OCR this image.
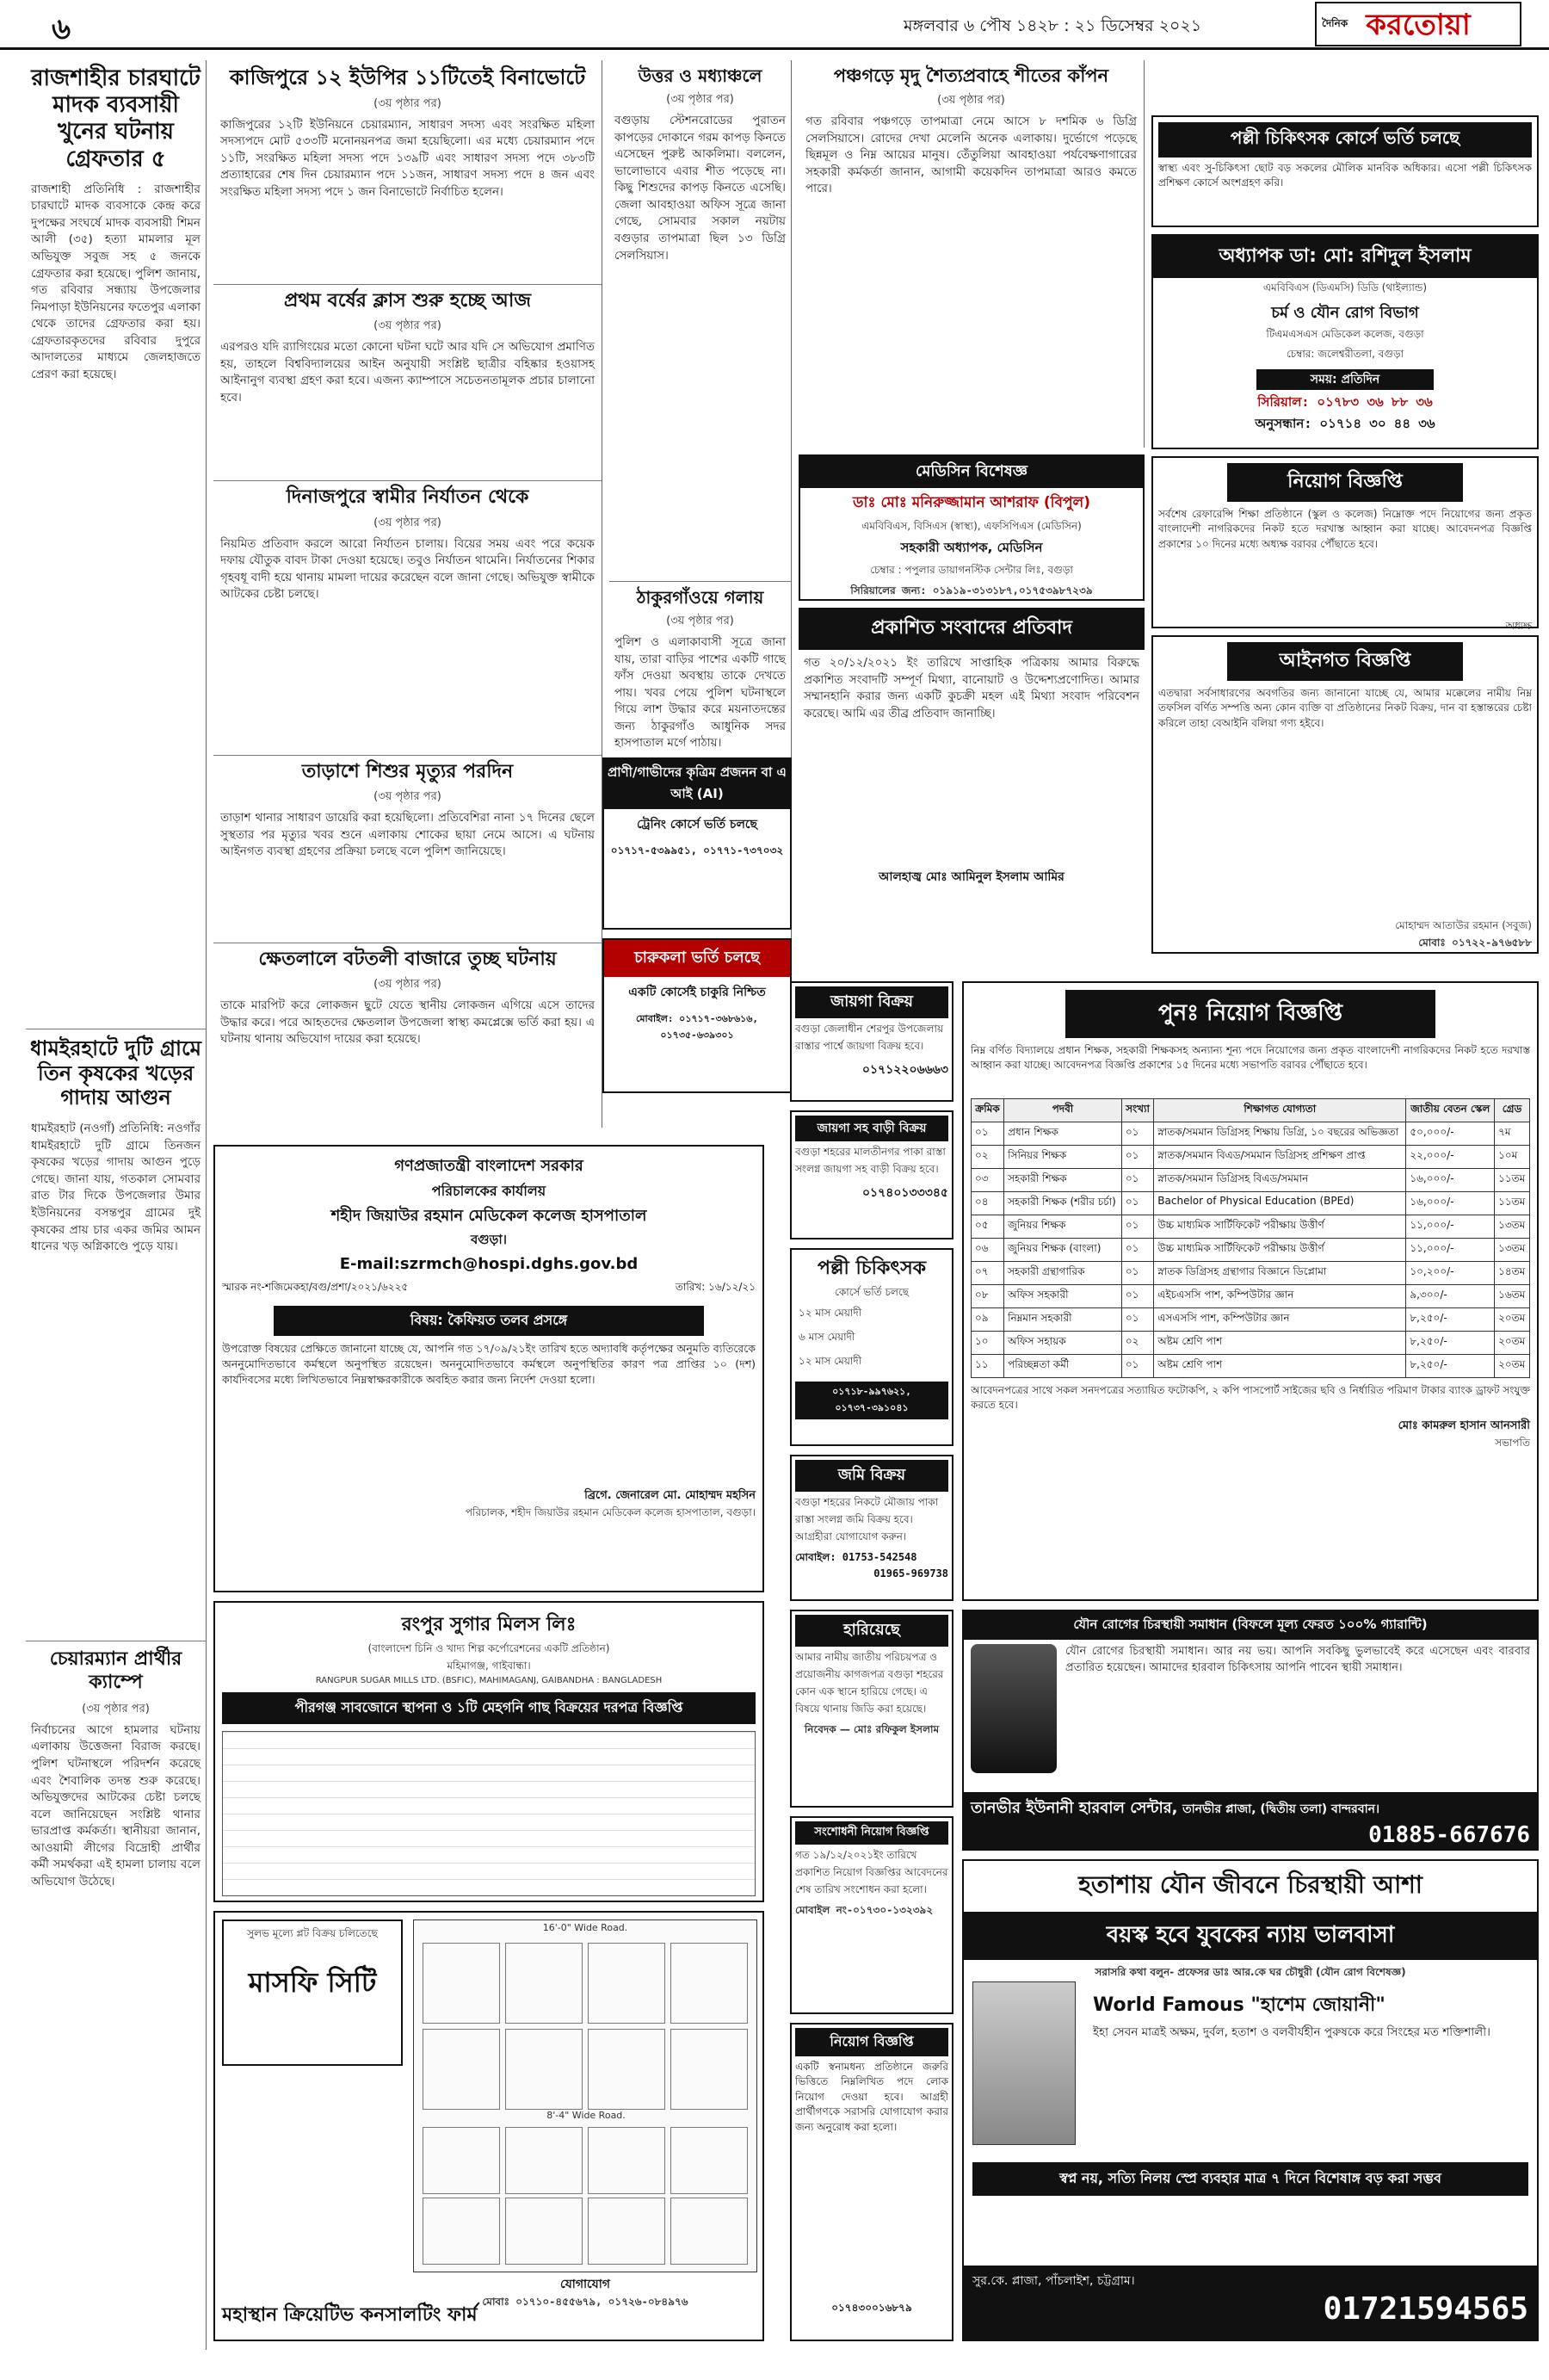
৬	মঙ্গলবার ৬ পৌষ ১৪২৮ : ২১ ডিসেম্বর ২০২১	দৈনিক করতোয়া
রাজশাহীর চারঘাটে মাদক ব্যবসায়ী খুনের ঘটনায় গ্রেফতার ৫
রাজশাহী প্রতিনিধি : রাজশাহীর চারঘাটে মাদক ব্যবসাকে কেন্দ্র করে দুপক্ষের সংঘর্ষে মাদক ব্যবসায়ী শিমন আলী (৩৫) হত্যা মামলার মূল অভিযুক্ত সবুজ সহ ৫ জনকে গ্রেফতার করা হয়েছে। পুলিশ জানায়, গত রবিবার সন্ধ্যায় উপজেলার নিমপাড়া ইউনিয়নের ফতেপুর এলাকা থেকে তাদের গ্রেফতার করা হয়। গ্রেফতারকৃতদের রবিবার দুপুরে আদালতের মাধ্যমে জেলহাজতে প্রেরণ করা হয়েছে।
ধামইরহাটে দুটি গ্রামে তিন কৃষকের খড়ের গাদায় আগুন
ধামইরহাট (নওগাঁ) প্রতিনিধি: নওগাঁর ধামইরহাটে দুটি গ্রামে তিনজন কৃষকের খড়ের গাদায় আগুন পুড়ে গেছে। জানা যায়, গতকাল সোমবার রাত টার দিকে উপজেলার উমার ইউনিয়নের বসন্তপুর গ্রামের দুই কৃষকের প্রায় চার একর জমির আমন ধানের খড় অগ্নিকাণ্ডে পুড়ে যায়।
চেয়ারম্যান প্রার্থীর ক্যাম্পে
(৩য় পৃষ্ঠার পর)
নির্বাচনের আগে হামলার ঘটনায় এলাকায় উত্তেজনা বিরাজ করছে। পুলিশ ঘটনাস্থলে পরিদর্শন করেছে এবং শৈবালিক তদন্ত শুরু করেছে। অভিযুক্তদের আটকের চেষ্টা চলছে বলে জানিয়েছেন সংশ্লিষ্ট থানার ভারপ্রাপ্ত কর্মকর্তা। স্থানীয়রা জানান, আওয়ামী লীগের বিদ্রোহী প্রার্থীর কর্মী সমর্থকরা এই হামলা চালায় বলে অভিযোগ উঠেছে।
কাজিপুরে ১২ ইউপির ১১টিতেই বিনাভোটে
(৩য় পৃষ্ঠার পর)
কাজিপুরের ১২টি ইউনিয়নে চেয়ারম্যান, সাধারণ সদস্য এবং সংরক্ষিত মহিলা সদস্যপদে মোট ৫৩৩টি মনোনয়নপত্র জমা হয়েছিলো। এর মধ্যে চেয়ারম্যান পদে ১১টি, সংরক্ষিত মহিলা সদস্য পদে ১৩৯টি এবং সাধারণ সদস্য পদে ৩৮৩টি প্রত্যাহারের শেষ দিন চেয়ারম্যান পদে ১১জন, সাধারণ সদস্য পদে ৪ জন এবং সংরক্ষিত মহিলা সদস্য পদে ১ জন বিনাভোটে নির্বাচিত হলেন।
প্রথম বর্ষের ক্লাস শুরু হচ্ছে আজ
(৩য় পৃষ্ঠার পর)
এরপরও যদি র‍্যাগিংয়ের মতো কোনো ঘটনা ঘটে আর যদি সে অভিযোগ প্রমাণিত হয়, তাহলে বিশ্ববিদ্যালয়ের আইন অনুযায়ী সংশ্লিষ্ট ছাত্রীর বহিষ্কার হওয়াসহ আইনানুগ ব্যবস্থা গ্রহণ করা হবে। এজন্য ক্যাম্পাসে সচেতনতামূলক প্রচার চালানো হবে।
দিনাজপুরে স্বামীর নির্যাতন থেকে
(৩য় পৃষ্ঠার পর)
নিয়মিত প্রতিবাদ করলে আরো নির্যাতন চালায়। বিয়ের সময় এবং পরে কয়েক দফায় যৌতুক বাবদ টাকা দেওয়া হয়েছে। তবুও নির্যাতন থামেনি। নির্যাতনের শিকার গৃহবধূ বাদী হয়ে থানায় মামলা দায়ের করেছেন বলে জানা গেছে। অভিযুক্ত স্বামীকে আটকের চেষ্টা চলছে।
তাড়াশে শিশুর মৃত্যুর পরদিন
(৩য় পৃষ্ঠার পর)
তাড়াশ থানার সাধারণ ডায়েরি করা হয়েছিলো। প্রতিবেশিরা নানা ১৭ দিনের ছেলে সুস্থতার পর মৃত্যুর খবর শুনে এলাকায় শোকের ছায়া নেমে আসে। এ ঘটনায় আইনগত ব্যবস্থা গ্রহণের প্রক্রিয়া চলছে বলে পুলিশ জানিয়েছে।
ক্ষেতলালে বটতলী বাজারে তুচ্ছ ঘটনায়
(৩য় পৃষ্ঠার পর)
তাকে মারপিট করে লোকজন ছুটে যেতে স্থানীয় লোকজন এগিয়ে এসে তাদের উদ্ধার করে। পরে আহতদের ক্ষেতলাল উপজেলা স্বাস্থ্য কমপ্লেক্সে ভর্তি করা হয়। এ ঘটনায় থানায় অভিযোগ দায়ের করা হয়েছে।
উত্তর ও মধ্যাঞ্চলে
(৩য় পৃষ্ঠার পর)
বগুড়ায় স্টেশনরোডের পুরাতন কাপড়ের দোকানে গরম কাপড় কিনতে এসেছেন পুরুষ্ট আকলিমা। বললেন, ভালোভাবে এবার শীত পড়েছে না। কিছু শিশুদের কাপড় কিনতে এসেছি। জেলা আবহাওয়া অফিস সূত্রে জানা গেছে, সোমবার সকাল নয়টায় বগুড়ার তাপমাত্রা ছিল ১৩ ডিগ্রি সেলসিয়াস।
ঠাকুরগাঁওয়ে গলায়
(৩য় পৃষ্ঠার পর)
পুলিশ ও এলাকাবাসী সূত্রে জানা যায়, তারা বাড়ির পাশের একটি গাছে ফাঁস দেওয়া অবস্থায় তাকে দেখতে পায়। খবর পেয়ে পুলিশ ঘটনাস্থলে গিয়ে লাশ উদ্ধার করে ময়নাতদন্তের জন্য ঠাকুরগাঁও আধুনিক সদর হাসপাতাল মর্গে পাঠায়।
পঞ্চগড়ে মৃদু শৈত্যপ্রবাহে শীতের কাঁপন
(৩য় পৃষ্ঠার পর)
গত রবিবার পঞ্চগড়ে তাপমাত্রা নেমে আসে ৮ দশমিক ৬ ডিগ্রি সেলসিয়াসে। রোদের দেখা মেলেনি অনেক এলাকায়। দুর্ভোগে পড়েছে ছিন্নমূল ও নিম্ন আয়ের মানুষ। তেঁতুলিয়া আবহাওয়া পর্যবেক্ষণাগারের সহকারী কর্মকর্তা জানান, আগামী কয়েকদিন তাপমাত্রা আরও কমতে পারে।
মেডিসিন বিশেষজ্ঞ
ডাঃ মোঃ মনিরুজ্জামান আশরাফ (বিপুল)
এমবিবিএস, বিসিএস (স্বাস্থ্য), এফসিপিএস (মেডিসিন)
সহকারী অধ্যাপক, মেডিসিন
চেম্বার : পপুলার ডায়াগনস্টিক সেন্টার লিঃ, বগুড়া
সিরিয়ালের জন্য: ০১৯১৯-৩১৩১৮৭,০১৭৫৩৯৮৭২৩৯
প্রকাশিত সংবাদের প্রতিবাদ
গত ২০/১২/২০২১ ইং তারিখে সাপ্তাহিক পত্রিকায় আমার বিরুদ্ধে প্রকাশিত সংবাদটি সম্পূর্ণ মিথ্যা, বানোয়াট ও উদ্দেশ্যপ্রণোদিত। আমার সম্মানহানি করার জন্য একটি কুচক্রী মহল এই মিথ্যা সংবাদ পরিবেশন করেছে। আমি এর তীব্র প্রতিবাদ জানাচ্ছি।
আলহাজ্ব মোঃ আমিনুল ইসলাম আমির
প্রাণী/গাভীদের কৃত্রিম প্রজনন বা এ আই (AI)
ট্রেনিং কোর্সে ভর্তি চলছে
০১৭১৭-৫৩৯৯৫১, ০১৭৭১-৭৩৭০৩২
চারুকলা ভর্তি চলছে
একটি কোর্সেই চাকুরি নিশ্চিত
মোবাইল: ০১৭১৭-৩৬৮৬১৬, ০১৭৩৫-৬৩৯৩০১
গণপ্রজাতন্ত্রী বাংলাদেশ সরকার
পরিচালকের কার্যালয়
শহীদ জিয়াউর রহমান মেডিকেল কলেজ হাসপাতাল
বগুড়া।
E-mail:szrmch@hospi.dghs.gov.bd
স্মারক নং-শজিমেকহা/বগু/প্রশা/২০২১/৬২২৫	তারিখ: ১৬/১২/২১
বিষয়: কৈফিয়ত তলব প্রসঙ্গে
উপরোক্ত বিষয়ের প্রেক্ষিতে জানানো যাচ্ছে যে, আপনি গত ১৭/০৯/২১ইং তারিখ হতে অদ্যাবধি কর্তৃপক্ষের অনুমতি ব্যতিরেকে অননুমোদিতভাবে কর্মস্থলে অনুপস্থিত রয়েছেন। অননুমোদিতভাবে কর্মস্থলে অনুপস্থিতির কারণ পত্র প্রাপ্তির ১০ (দশ) কার্যদিবসের মধ্যে লিখিতভাবে নিম্নস্বাক্ষরকারীকে অবহিত করার জন্য নির্দেশ দেওয়া হলো।
ব্রিগে. জেনারেল মো. মোহাম্মদ মহসিন
পরিচালক, শহীদ জিয়াউর রহমান মেডিকেল কলেজ হাসপাতাল, বগুড়া।
রংপুর সুগার মিলস লিঃ
(বাংলাদেশ চিনি ও খাদ্য শিল্প কর্পোরেশনের একটি প্রতিষ্ঠান)
মহিমাগঞ্জ, গাইবান্ধা।
RANGPUR SUGAR MILLS LTD. (BSFIC), MAHIMAGANJ, GAIBANDHA : BANGLADESH
পীরগঞ্জ সাবজোনে স্থাপনা ও ১টি মেহগনি গাছ বিক্রয়ের দরপত্র বিজ্ঞপ্তি
সুলভ মূল্যে প্লট বিক্রয় চলিতেছে
মাসফি সিটি
16'-0" Wide Road.
8'-4" Wide Road.
যোগাযোগ
মোবাঃ ০১৭১০-৪৫৫৬৭৯, ০১৭২৬-০৮৪৯৭৬
মহাস্থান ক্রিয়েটিভ কনসালটিং ফার্ম
পল্লী চিকিৎসক কোর্সে ভর্তি চলছে
স্বাস্থ্য এবং সু-চিকিৎসা ছোট বড় সকলের মৌলিক মানবিক অধিকার। এসো পল্লী চিকিৎসক প্রশিক্ষণ কোর্সে অংশগ্রহণ করি।
অধ্যাপক ডা: মো: রশিদুল ইসলাম
এমবিবিএস (ডিএমসি) ডিডি (থাইল্যান্ড)
চর্ম ও যৌন রোগ বিভাগ
টিএমএসএস মেডিকেল কলেজ, বগুড়া
চেম্বার: জলেশ্বরীতলা, বগুড়া
সময়: প্রতিদিন
সিরিয়াল: ০১৭৮৩ ৩৬ ৮৮ ৩৬
অনুসন্ধান: ০১৭১৪ ৩০ ৪৪ ৩৬
নিয়োগ বিজ্ঞপ্তি
সর্বশেষ রেফারেন্সি শিক্ষা প্রতিষ্ঠানে (স্কুল ও কলেজ) নিম্নোক্ত পদে নিয়োগের জন্য প্রকৃত বাংলাদেশী নাগরিকদের নিকট হতে দরখাস্ত আহ্বান করা যাচ্ছে। আবেদনপত্র বিজ্ঞপ্তি প্রকাশের ১০ দিনের মধ্যে অধ্যক্ষ বরাবর পৌঁছাতে হবে।
অধ্যক্ষ
আইনগত বিজ্ঞপ্তি
এতদ্বারা সর্বসাধারণের অবগতির জন্য জানানো যাচ্ছে যে, আমার মক্কেলের নামীয় নিম্ন তফসিল বর্ণিত সম্পত্তি অন্য কোন ব্যক্তি বা প্রতিষ্ঠানের নিকট বিক্রয়, দান বা হস্তান্তরের চেষ্টা করিলে তাহা বেআইনি বলিয়া গণ্য হইবে।
মোহাম্মদ আতাউর রহমান (সবুজ)
মোবাঃ ০১৭২২-৯৭৬৫৮৮
জায়গা বিক্রয়
বগুড়া জেলাধীন শেরপুর উপজেলায় রাস্তার পার্শ্বে জায়গা বিক্রয় হবে।
০১৭১২২০৬৬৬৩
জায়গা সহ বাড়ী বিক্রয়
বগুড়া শহরের মালতীনগর পাকা রাস্তা সংলগ্ন জায়গা সহ বাড়ী বিক্রয় হবে।
০১৭৪০১৩৩৩৪৫
পল্লী চিকিৎসক
কোর্সে ভর্তি চলছে
১২ মাস মেয়াদী
৬ মাস মেয়াদী
১২ মাস মেয়াদী
০১৭১৮-৯৯৭৬২১, ০১৭৩৭-৩৯১০৪১
জমি বিক্রয়
বগুড়া শহরের নিকটে মৌজায় পাকা রাস্তা সংলগ্ন জমি বিক্রয় হবে। আগ্রহীরা যোগাযোগ করুন।
মোবাইল: 01753-542548
01965-969738
হারিয়েছে
আমার নামীয় জাতীয় পরিচয়পত্র ও প্রয়োজনীয় কাগজপত্র বগুড়া শহরের কোন এক স্থানে হারিয়ে গেছে। এ বিষয়ে থানায় জিডি করা হয়েছে।
নিবেদক — মোঃ রফিকুল ইসলাম
সংশোধনী নিয়োগ বিজ্ঞপ্তি
গত ১৯/১২/২০২১ইং তারিখে প্রকাশিত নিয়োগ বিজ্ঞপ্তির আবেদনের শেষ তারিখ সংশোধন করা হলো।
মোবাইল নং-০১৭৩০-১৩২৩৯২
নিয়োগ বিজ্ঞপ্তি
একটি স্বনামধন্য প্রতিষ্ঠানে জরুরি ভিত্তিতে নিম্নলিখিত পদে লোক নিয়োগ দেওয়া হবে। আগ্রহী প্রার্থীগণকে সরাসরি যোগাযোগ করার জন্য অনুরোধ করা হলো।
০১৭৪৩০০১৬৮৭৯
পুনঃ নিয়োগ বিজ্ঞপ্তি
নিম্ন বর্ণিত বিদ্যালয়ে প্রধান শিক্ষক, সহকারী শিক্ষকসহ অন্যান্য শূন্য পদে নিয়োগের জন্য প্রকৃত বাংলাদেশী নাগরিকদের নিকট হতে দরখাস্ত আহ্বান করা যাচ্ছে। আবেদনপত্র বিজ্ঞপ্তি প্রকাশের ১৫ দিনের মধ্যে সভাপতি বরাবর পৌঁছাতে হবে।
ক্রমিক	পদবী	সংখ্যা	শিক্ষাগত যোগ্যতা	জাতীয় বেতন স্কেল	গ্রেড
০১	প্রধান শিক্ষক	০১	স্নাতক/সমমান ডিগ্রিসহ শিক্ষায় ডিগ্রি, ১০ বছরের অভিজ্ঞতা	৫০,০০০/-	৭ম
০২	সিনিয়র শিক্ষক	০১	স্নাতক/সমমান বিএড/সমমান ডিগ্রিসহ প্রশিক্ষণ প্রাপ্ত	২২,০০০/-	১০ম
০৩	সহকারী শিক্ষক	০১	স্নাতক/সমমান ডিগ্রিসহ বিএড/সমমান	১৬,০০০/-	১১তম
০৪	সহকারী শিক্ষক (শরীর চর্চা)	০১	Bachelor of Physical Education (BPEd)	১৬,০০০/-	১১তম
০৫	জুনিয়র শিক্ষক	০১	উচ্চ মাধ্যমিক সার্টিফিকেট পরীক্ষায় উত্তীর্ণ	১১,০০০/-	১৩তম
০৬	জুনিয়র শিক্ষক (বাংলা)	০১	উচ্চ মাধ্যমিক সার্টিফিকেট পরীক্ষায় উত্তীর্ণ	১১,০০০/-	১৩তম
০৭	সহকারী গ্রন্থাগারিক	০১	স্নাতক ডিগ্রিসহ গ্রন্থাগার বিজ্ঞানে ডিপ্লোমা	১০,২০০/-	১৪তম
০৮	অফিস সহকারী	০১	এইচএসসি পাশ, কম্পিউটার জ্ঞান	৯,৩০০/-	১৬তম
০৯	নিম্নমান সহকারী	০১	এসএসসি পাশ, কম্পিউটার জ্ঞান	৮,২৫০/-	২০তম
১০	অফিস সহায়ক	০২	অষ্টম শ্রেণি পাশ	৮,২৫০/-	২০তম
১১	পরিচ্ছন্নতা কর্মী	০১	অষ্টম শ্রেণি পাশ	৮,২৫০/-	২০তম
আবেদনপত্রের সাথে সকল সনদপত্রের সত্যায়িত ফটোকপি, ২ কপি পাসপোর্ট সাইজের ছবি ও নির্ধারিত পরিমাণ টাকার ব্যাংক ড্রাফট সংযুক্ত করতে হবে।
মোঃ কামরুল হাসান আনসারী
সভাপতি
যৌন রোগের চিরস্থায়ী সমাধান (বিফলে মূল্য ফেরত ১০০% গ্যারান্টি)
যৌন রোগের চিরস্থায়ী সমাধান। আর নয় ভয়। আপনি সবকিছু ভুলভাবেই করে এসেছেন এবং বারবার প্রতারিত হয়েছেন। আমাদের হারবাল চিকিৎসায় আপনি পাবেন স্থায়ী সমাধান।
তানভীর ইউনানী হারবাল সেন্টার, তানভীর প্লাজা, (দ্বিতীয় তলা) বান্দরবান।
01885-667676
হতাশায় যৌন জীবনে চিরস্থায়ী আশা
বয়স্ক হবে যুবকের ন্যায় ভালবাসা
সরাসরি কথা বলুন- প্রফেসর ডাঃ আর.কে ঘর চৌধুরী (যৌন রোগ বিশেষজ্ঞ)
World Famous "হাশেম জোয়ানী"
ইহা সেবন মাত্রই অক্ষম, দুর্বল, হতাশ ও বলবীর্যহীন পুরুষকে করে সিংহের মত শক্তিশালী।
স্বপ্ন নয়, সত্যি নিলয় স্প্রে ব্যবহার মাত্র ৭ দিনে বিশেষাঙ্গ বড় করা সম্ভব
সুর.কে. প্লাজা, পাঁচলাইশ, চট্টগ্রাম।
01721594565
